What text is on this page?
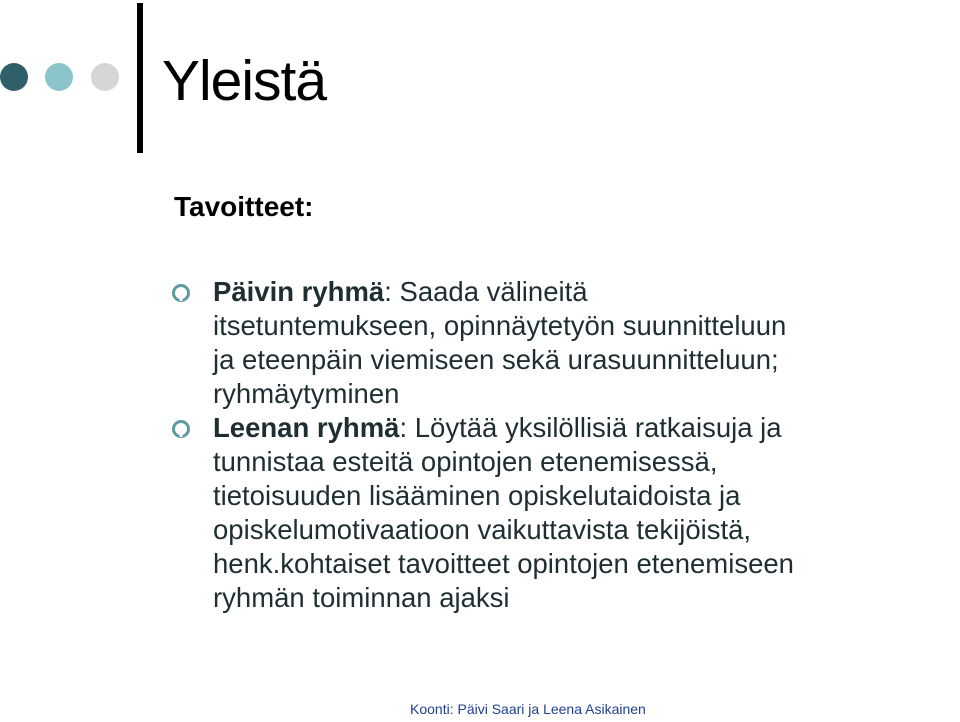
Yleistä
Tavoitteet:
Päivin ryhmä: Saada välineitä
itsetuntemukseen, opinnäytetyön suunnitteluun
ja eteenpäin viemiseen sekä urasuunnitteluun;
ryhmäytyminen
Leenan ryhmä: Löytää yksilöllisiä ratkaisuja ja
tunnistaa esteitä opintojen etenemisessä,
tietoisuuden lisääminen opiskelutaidoista ja
opiskelumotivaatioon vaikuttavista tekijöistä,
henk.kohtaiset tavoitteet opintojen etenemiseen
ryhmän toiminnan ajaksi
Koonti: Päivi Saari ja Leena Asikainen
